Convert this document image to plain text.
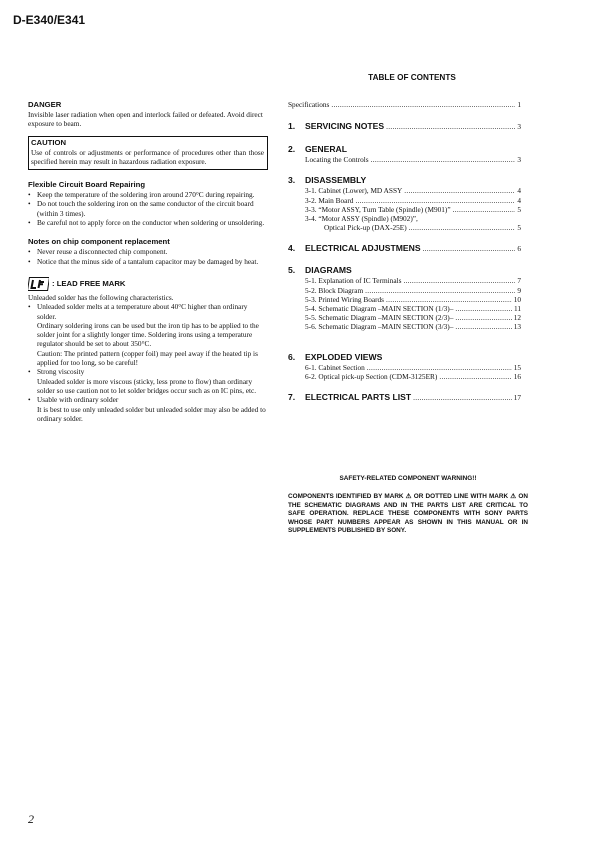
D-E340/E341
TABLE OF CONTENTS
DANGER

Invisible laser radiation when open and interlock failed or defeated. Avoid direct exposure to beam.

CAUTION

Use of controls or adjustments or performance of procedures other than those specified herein may result in hazardous radiation exposure.

Flexible Circuit Board Repairing
• Keep the temperature of the soldering iron around 270°C during repairing.
• Do not touch the soldering iron on the same conductor of the circuit board (within 3 times).
• Be careful not to apply force on the conductor when soldering or unsoldering.
Notes on chip component replacement
• Never reuse a disconnected chip component.
• Notice that the minus side of a tantalum capacitor may be damaged by heat.
: LEAD FREE MARK

Unleaded solder has the following characteristics.

• Unleaded solder melts at a temperature about 40°C higher than ordinary solder.
Ordinary soldering irons can be used but the iron tip has to be applied to the solder joint for a slightly longer time. Soldering irons using a temperature regulator should be set to about 350°C.
Caution: The printed pattern (copper foil) may peel away if the heated tip is applied for too long, so be careful!
• Strong viscosity
Unleaded solder is more viscous (sticky, less prone to flow) than ordinary solder so use caution not to let solder bridges occur such as on IC pins, etc.
• Usable with ordinary solder
It is best to use only unleaded solder but unleaded solder may also be added to ordinary solder.
Specifications .....	1
1.	SERVICING NOTES .....	3
2. GENERAL
Locating the Controls .....	3
3. DISASSEMBLY
3-1. Cabinet (Lower), MD ASSY .....	4
3-2. Main Board .....	4
3-3. “Motor ASSY, Turn Table (Spindle) (M901)” .....	5
3-4. “Motor ASSY (Spindle) (M902)”,
Optical Pick-up (DAX-25E) .....	5
4.	ELECTRICAL ADJUSTMENS .....	6
5. DIAGRAMS
5-1. Explanation of IC Terminals .....	7
5-2. Block Diagram .....	9
5-3. Printed Wiring Boards .....	10
5-4. Schematic Diagram –MAIN SECTION (1/3)– .....	11
5-5. Schematic Diagram –MAIN SECTION (2/3)– .....	12
5-6. Schematic Diagram –MAIN SECTION (3/3)– .....	13
6. EXPLODED VIEWS
6-1. Cabinet Section .....	15
6-2. Optical pick-up Section (CDM-3125ER) .....	16
7.	ELECTRICAL PARTS LIST .....	17
SAFETY-RELATED COMPONENT WARNING!!
COMPONENTS IDENTIFIED BY MARK ⚠ OR DOTTED LINE WITH MARK ⚠ ON THE SCHEMATIC DIAGRAMS AND IN THE PARTS LIST ARE CRITICAL TO SAFE OPERATION. REPLACE THESE COMPONENTS WITH SONY PARTS WHOSE PART NUMBERS APPEAR AS SHOWN IN THIS MANUAL OR IN SUPPLEMENTS PUBLISHED BY SONY.
2
